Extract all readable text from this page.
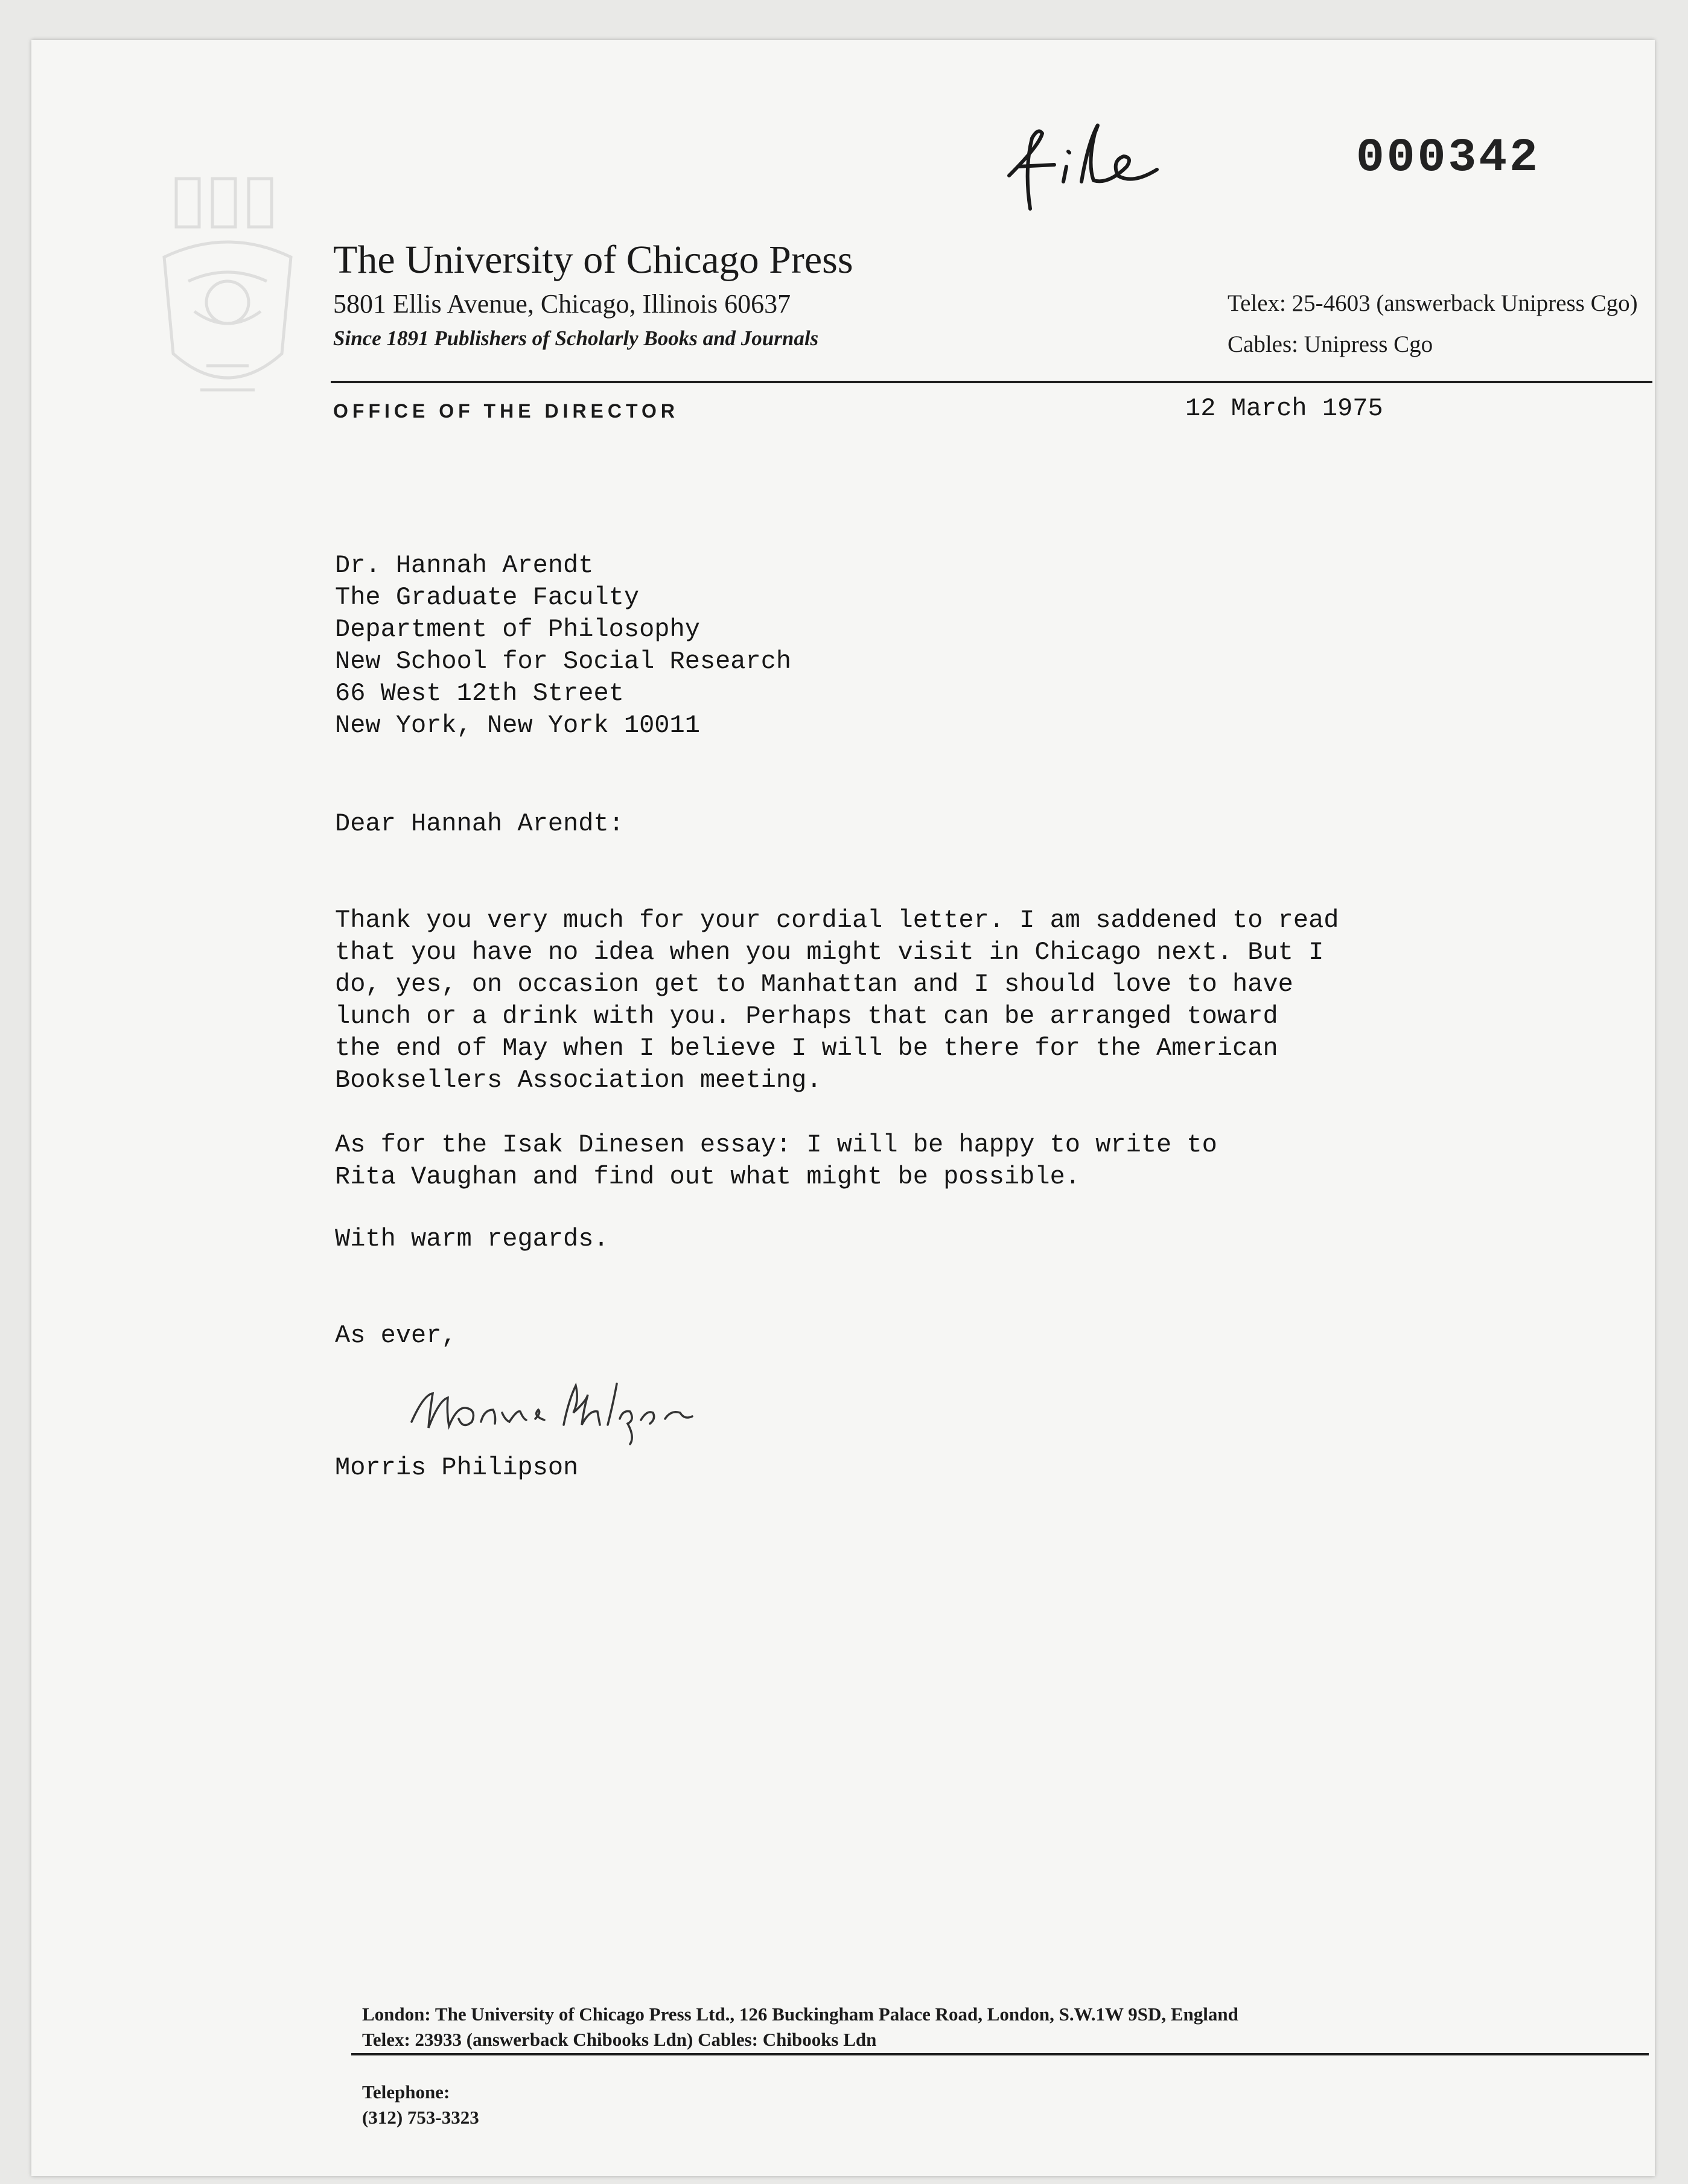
000342
The University of Chicago Press
5801 Ellis Avenue, Chicago, Illinois 60637
Since 1891 Publishers of Scholarly Books and Journals
Telex: 25-4603 (answerback Unipress Cgo)
Cables: Unipress Cgo
OFFICE OF THE DIRECTOR	12 March 1975
Dr. Hannah Arendt
The Graduate Faculty
Department of Philosophy
New School for Social Research
66 West 12th Street
New York, New York 10011
Dear Hannah Arendt:
Thank you very much for your cordial letter. I am saddened to read
that you have no idea when you might visit in Chicago next. But I
do, yes, on occasion get to Manhattan and I should love to have
lunch or a drink with you. Perhaps that can be arranged toward
the end of May when I believe I will be there for the American
Booksellers Association meeting.
As for the Isak Dinesen essay: I will be happy to write to
Rita Vaughan and find out what might be possible.
With warm regards.
As ever,
Morris Philipson
London: The University of Chicago Press Ltd., 126 Buckingham Palace Road, London, S.W.1W 9SD, England
Telex: 23933 (answerback Chibooks Ldn) Cables: Chibooks Ldn
Telephone:
(312) 753-3323
